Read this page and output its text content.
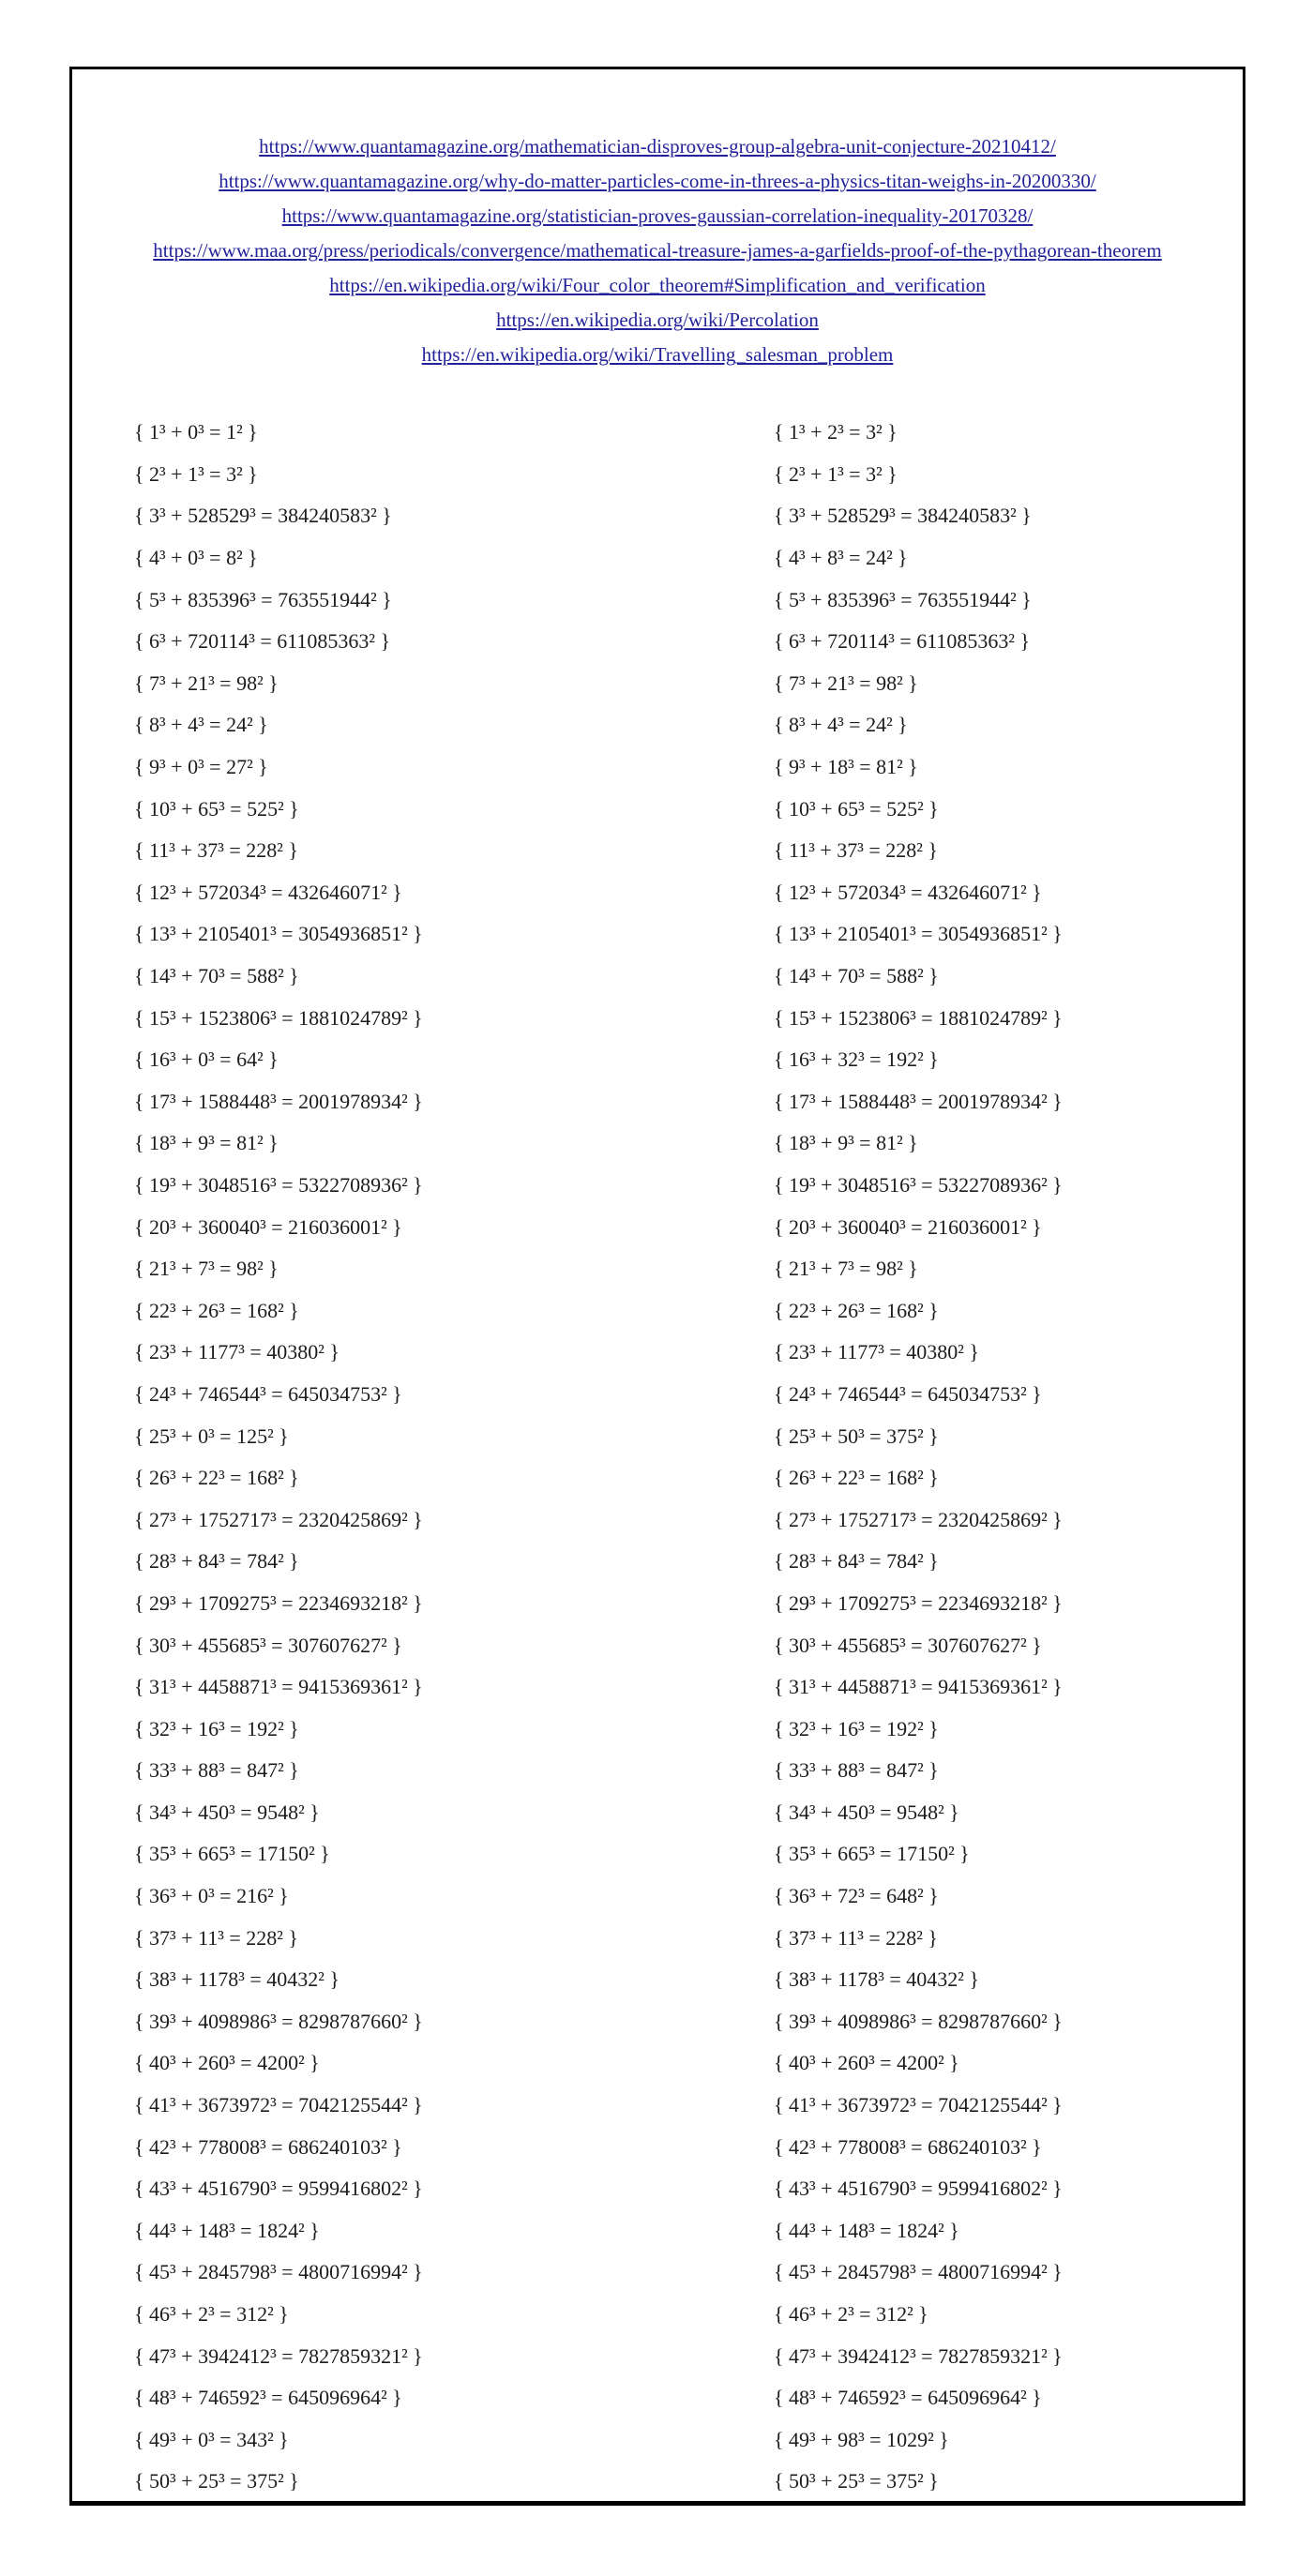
https://www.quantamagazine.org/mathematician-disproves-group-algebra-unit-conjecture-20210412/
https://www.quantamagazine.org/why-do-matter-particles-come-in-threes-a-physics-titan-weighs-in-20200330/
https://www.quantamagazine.org/statistician-proves-gaussian-correlation-inequality-20170328/
https://www.maa.org/press/periodicals/convergence/mathematical-treasure-james-a-garfields-proof-of-the-pythagorean-theorem
https://en.wikipedia.org/wiki/Four_color_theorem#Simplification_and_verification
https://en.wikipedia.org/wiki/Percolation
https://en.wikipedia.org/wiki/Travelling_salesman_problem
{ 1³ + 0³ = 1² }
{ 2³ + 1³ = 3² }
{ 3³ + 528529³ = 384240583² }
{ 4³ + 0³ = 8² }
{ 5³ + 835396³ = 763551944² }
{ 6³ + 720114³ = 611085363² }
{ 7³ + 21³ = 98² }
{ 8³ + 4³ = 24² }
{ 9³ + 0³ = 27² }
{ 10³ + 65³ = 525² }
{ 11³ + 37³ = 228² }
{ 12³ + 572034³ = 432646071² }
{ 13³ + 2105401³ = 3054936851² }
{ 14³ + 70³ = 588² }
{ 15³ + 1523806³ = 1881024789² }
{ 16³ + 0³ = 64² }
{ 17³ + 1588448³ = 2001978934² }
{ 18³ + 9³ = 81² }
{ 19³ + 3048516³ = 5322708936² }
{ 20³ + 360040³ = 216036001² }
{ 21³ + 7³ = 98² }
{ 22³ + 26³ = 168² }
{ 23³ + 1177³ = 40380² }
{ 24³ + 746544³ = 645034753² }
{ 25³ + 0³ = 125² }
{ 26³ + 22³ = 168² }
{ 27³ + 1752717³ = 2320425869² }
{ 28³ + 84³ = 784² }
{ 29³ + 1709275³ = 2234693218² }
{ 30³ + 455685³ = 307607627² }
{ 31³ + 4458871³ = 9415369361² }
{ 32³ + 16³ = 192² }
{ 33³ + 88³ = 847² }
{ 34³ + 450³ = 9548² }
{ 35³ + 665³ = 17150² }
{ 36³ + 0³ = 216² }
{ 37³ + 11³ = 228² }
{ 38³ + 1178³ = 40432² }
{ 39³ + 4098986³ = 8298787660² }
{ 40³ + 260³ = 4200² }
{ 41³ + 3673972³ = 7042125544² }
{ 42³ + 778008³ = 686240103² }
{ 43³ + 4516790³ = 9599416802² }
{ 44³ + 148³ = 1824² }
{ 45³ + 2845798³ = 4800716994² }
{ 46³ + 2³ = 312² }
{ 47³ + 3942412³ = 7827859321² }
{ 48³ + 746592³ = 645096964² }
{ 49³ + 0³ = 343² }
{ 50³ + 25³ = 375² }
{ 1³ + 2³ = 3² }
{ 2³ + 1³ = 3² }
{ 3³ + 528529³ = 384240583² }
{ 4³ + 8³ = 24² }
{ 5³ + 835396³ = 763551944² }
{ 6³ + 720114³ = 611085363² }
{ 7³ + 21³ = 98² }
{ 8³ + 4³ = 24² }
{ 9³ + 18³ = 81² }
{ 10³ + 65³ = 525² }
{ 11³ + 37³ = 228² }
{ 12³ + 572034³ = 432646071² }
{ 13³ + 2105401³ = 3054936851² }
{ 14³ + 70³ = 588² }
{ 15³ + 1523806³ = 1881024789² }
{ 16³ + 32³ = 192² }
{ 17³ + 1588448³ = 2001978934² }
{ 18³ + 9³ = 81² }
{ 19³ + 3048516³ = 5322708936² }
{ 20³ + 360040³ = 216036001² }
{ 21³ + 7³ = 98² }
{ 22³ + 26³ = 168² }
{ 23³ + 1177³ = 40380² }
{ 24³ + 746544³ = 645034753² }
{ 25³ + 50³ = 375² }
{ 26³ + 22³ = 168² }
{ 27³ + 1752717³ = 2320425869² }
{ 28³ + 84³ = 784² }
{ 29³ + 1709275³ = 2234693218² }
{ 30³ + 455685³ = 307607627² }
{ 31³ + 4458871³ = 9415369361² }
{ 32³ + 16³ = 192² }
{ 33³ + 88³ = 847² }
{ 34³ + 450³ = 9548² }
{ 35³ + 665³ = 17150² }
{ 36³ + 72³ = 648² }
{ 37³ + 11³ = 228² }
{ 38³ + 1178³ = 40432² }
{ 39³ + 4098986³ = 8298787660² }
{ 40³ + 260³ = 4200² }
{ 41³ + 3673972³ = 7042125544² }
{ 42³ + 778008³ = 686240103² }
{ 43³ + 4516790³ = 9599416802² }
{ 44³ + 148³ = 1824² }
{ 45³ + 2845798³ = 4800716994² }
{ 46³ + 2³ = 312² }
{ 47³ + 3942412³ = 7827859321² }
{ 48³ + 746592³ = 645096964² }
{ 49³ + 98³ = 1029² }
{ 50³ + 25³ = 375² }
